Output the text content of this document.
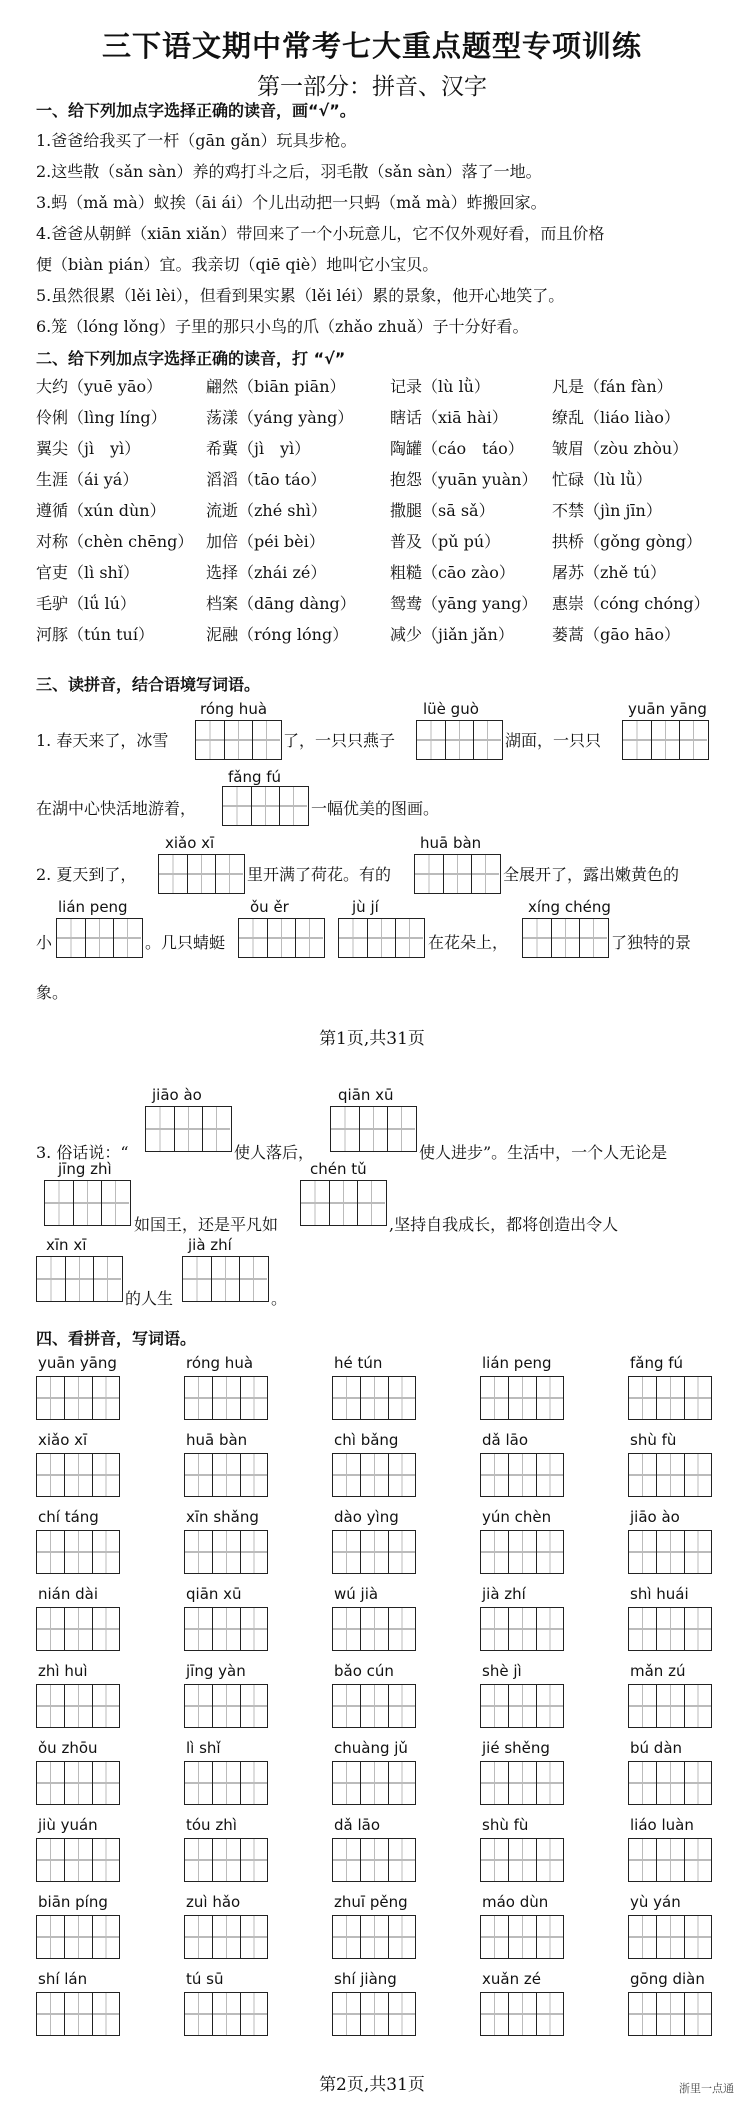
三下语文期中常考七大重点题型专项训练
第一部分：拼音、汉字
一、给下列加点字选择正确的读音，画“√”。
1.爸爸给我买了一杆（gān gǎn）玩具步枪。
2.这些散（sǎn sàn）养的鸡打斗之后，羽毛散（sǎn sàn）落了一地。
3.蚂（mǎ mà）蚁挨（āi ái）个儿出动把一只蚂（mǎ mà）蚱搬回家。
4.爸爸从朝鲜（xiān xiǎn）带回来了一个小玩意儿，它不仅外观好看，而且价格
便（biàn pián）宜。我亲切（qiē qiè）地叫它小宝贝。
5.虽然很累（lěi lèi），但看到果实累（lěi léi）累的景象，他开心地笑了。
6.笼（lóng lǒng）子里的那只小鸟的爪（zhǎo zhuǎ）子十分好看。
二、给下列加点字选择正确的读音，打 “√”
大约（yuē yāo）	翩然（biān piān）	记录（lù lǜ）	凡是（fán fàn）
伶俐（lìng líng）	荡漾（yáng yàng）	瞎话（xiā hài）	缭乱（liáo liào）
翼尖（jì　yì）	希冀（jì　yì）	陶罐（cáo　táo）	皱眉（zòu zhòu）
生涯（ái yá）	滔滔（tāo táo）	抱怨（yuān yuàn） 忙碌（lù lǜ）
遵循（xún dùn）	流逝（zhé shì）	撒腿（sā sǎ）	不禁（jìn jīn）
对称（chèn chēng） 加倍（péi bèi）	普及（pǔ pú）	拱桥（gǒng gòng）
官吏（lì shǐ）	选择（zhái zé）	粗糙（cāo zào）	屠苏（zhě tú）
毛驴（lǘ lú）	档案（dāng dàng）	鸳鸯（yāng yang） 惠崇（cóng chóng）
河豚（tún tuí）	泥融（róng lóng）	减少（jiǎn jǎn）	蒌蒿（gāo hāo）
三、读拼音，结合语境写词语。
1. 春天来了，冰雪
róng huà
了，一只只燕子
lüè guò
湖面，一只只
yuān yāng
在湖中心快活地游着，
fǎng fú
一幅优美的图画。
2. 夏天到了，
xiǎo xī
里开满了荷花。有的
huā bàn
全展开了，露出嫩黄色的
小
lián peng
。几只蜻蜓
ǒu ěr	jù jí
在花朵上，
xíng chéng
了独特的景
象。
第1页,共31页
3. 俗话说：“
jiāo ào
使人落后，
qiān xū
使人进步”。生活中，一个人无论是
jīng zhì
如国王，还是平凡如
chén tǔ
,坚持自我成长，都将创造出令人
xīn xī
的人生
jià zhí
。
四、看拼音，写词语。
yuān yāng	róng huà	hé tún	lián peng	fǎng fú
xiǎo xī	huā bàn	chì bǎng	dǎ lāo	shù fù
chí táng	xīn shǎng	dào yìng	yún chèn	jiāo ào
nián dài	qiān xū	wú jià	jià zhí	shì huái
zhì huì	jīng yàn	bǎo cún	shè jì	mǎn zú
ǒu zhōu	lì shǐ	chuàng jǔ	jié shěng	bú dàn
jiù yuán	tóu zhì	dǎ lāo	shù fù	liáo luàn
biān píng	zuì hǎo	zhuī pěng	máo dùn	yù yán
shí lán	tú sū	shí jiàng	xuǎn zé	gōng diàn
第2页,共31页	浙里一点通
